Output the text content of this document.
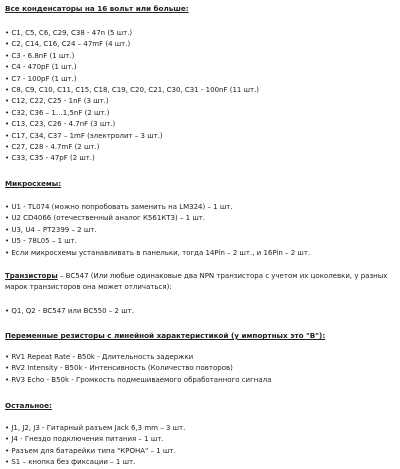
Все конденсаторы на 16 вольт или больше:
• C1, C5, C6, C29, C38 - 47n (5 шт.)
• C2, C14, C16, C24 – 47mF (4 шт.)
• C3 - 6.8nF (1 шт.)
• C4 - 470pF (1 шт.)
• C7 - 100pF (1 шт.)
• C8, C9, C10, C11, C15, C18, C19, C20, C21, C30, C31 - 100nF (11 шт.)
• C12, C22, C25 - 1nF (3 шт.)
• C32, C36 – 1…1,5nF (2 шт.)
• C13, C23, C26 - 4.7nF (3 шт.)
• C17, C34, C37 – 1mF (электролит – 3 шт.)
• C27, C28 - 4.7mF (2 шт.)
• C33, C35 - 47pF (2 шт.)
Микросхемы:
• U1 - TL074 (можно попробовать заменить на LM324) – 1 шт.
• U2 CD4066 (отечественный аналог К561КТ3) – 1 шт.
• U3, U4 – PT2399 – 2 шт.
• U5 - 78L05 – 1 шт.
• Если микросхемы устанавливать в панельки, тогда 14Pin – 2 шт., и 16Pin – 2 шт.
Транзисторы – BC547 (Или любые одинаковые два NPN транзистора с учетом их цоколевки, у разных марок транзисторов она может отличаться):
• Q1, Q2 - BC547 или BC550 – 2 шт.
Переменные резисторы с линейной характеристикой (у импортных это "B"):
• RV1 Repeat Rate - B50k - Длительность задержки
• RV2 Intensity - B50k - Интенсивность (Количество повторов)
• RV3 Echo - B50k - Громкость подмешиваемого обработанного сигнала
Остальное:
• J1, J2, J3 - Гитарный разъем Jack 6,3 mm – 3 шт.
• J4 - Гнездо подключения питания – 1 шт.
• Разъем для батарейки типа "КРОНА" – 1 шт.
• S1 – кнопка без фиксации – 1 шт.
